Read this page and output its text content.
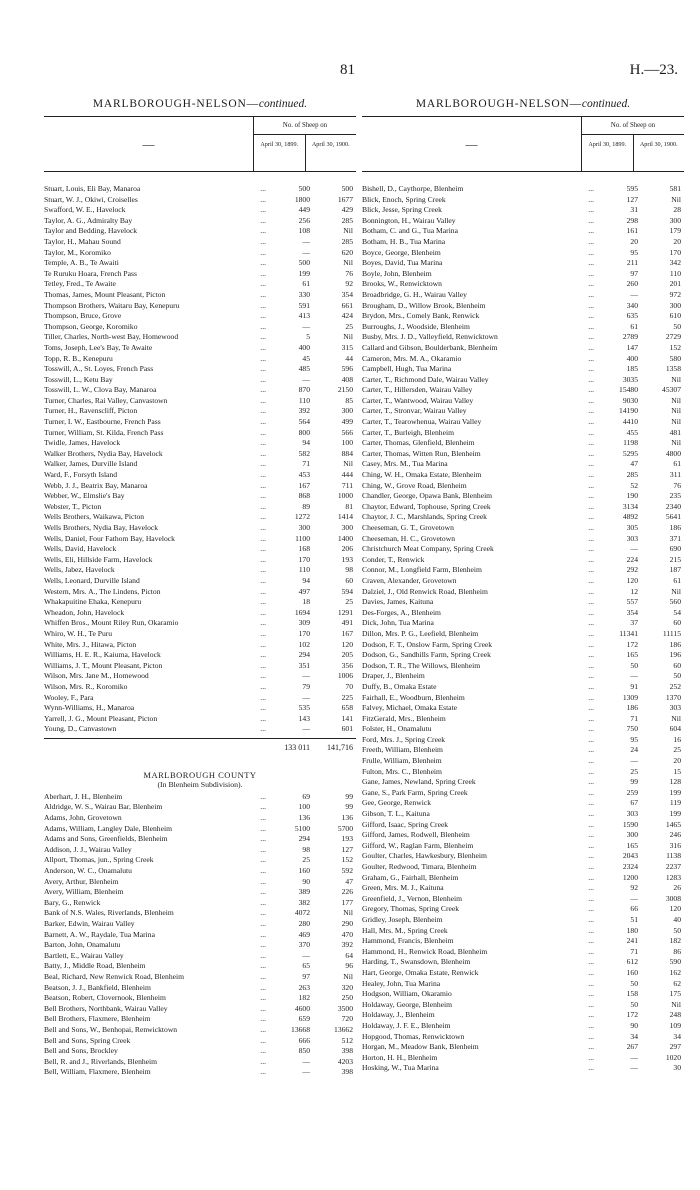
81	H.—23.
MARLBOROUGH-NELSON—continued.
—
No. of Sheep on
April 30, 1899.	April 30, 1900.
Stuart, Louis, Eli Bay, Manaroa	...	500	500
Stuart, W. J., Okiwi, Croiselles	...	1800	1677
Swafford, W. E., Havelock	...	449	429
Taylor, A. G., Admiralty Bay	...	256	285
Taylor and Bedding, Havelock	...	108	Nil
Taylor, H., Mahau Sound	...	—	285
Taylor, M., Koromiko	...	—	620
Temple, A. B., Te Awaiti	...	500	Nil
Te Ruruku Hoara, French Pass	...	199	76
Tetley, Fred., Te Awaite	...	61	92
Thomas, James, Mount Pleasant, Picton	...	330	354
Thompson Brothers, Waitaru Bay, Kenepuru	...	591	661
Thompson, Bruce, Grove	...	413	424
Thompson, George, Koromiko	...	—	25
Tiller, Charles, North-west Bay, Homewood	...	5	Nil
Toms, Joseph, Lee's Bay, Te Awaite	...	400	315
Topp, R. B., Kenepuru	...	45	44
Tosswill, A., St. Loyes, French Pass	...	485	596
Tosswill, L., Ketu Bay	...	—	408
Tosswill, L. W., Clova Bay, Manaroa	...	870	2150
Turner, Charles, Rai Valley, Canvastown	...	110	85
Turner, H., Ravenscliff, Picton	...	392	300
Turner, I. W., Eastbourne, French Pass	...	564	499
Turner, William, St. Kilda, French Pass	...	800	566
Twidle, James, Havelock	...	94	100
Walker Brothers, Nydia Bay, Havelock	...	582	884
Walker, James, Durville Island	...	71	Nil
Ward, F., Forsyth Island	...	453	444
Webb, J. J., Beatrix Bay, Manaroa	...	167	711
Webber, W., Elmslie's Bay	...	868	1000
Webster, T., Picton	...	89	81
Wells Brothers, Waikawa, Picton	...	1272	1414
Wells Brothers, Nydia Bay, Havelock	...	300	300
Wells, Daniel, Four Fathom Bay, Havelock	...	1100	1400
Wells, David, Havelock	...	168	206
Wells, Eli, Hillside Farm, Havelock	...	170	193
Wells, Jabez, Havelock	...	110	98
Wells, Leonard, Durville Island	...	94	60
Western, Mrs. A., The Lindens, Picton	...	497	594
Whakapuitine Ehaka, Kenepuru	...	18	25
Wheadon, John, Havelock	...	1694	1291
Whiffen Bros., Mount Riley Run, Okaramio	...	309	491
Whiro, W. H., Te Puru	...	170	167
White, Mrs. J., Hitawa, Picton	...	102	120
Williams, H. E. R., Kaiuma, Havelock	...	294	205
Williams, J. T., Mount Pleasant, Picton	...	351	356
Wilson, Mrs. Jane M., Homewood	...	—	1006
Wilson, Mrs. R., Koromiko	...	79	70
Wooley, F., Para	...	—	225
Wynn-Williams, H., Manaroa	...	535	658
Yarrell, J. G., Mount Pleasant, Picton	...	143	141
Young, D., Canvastown	...	—	601
133 011	141,716
MARLBOROUGH COUNTY
(In Blenheim Subdivision).
Aberhart, J. H., Blenheim	...	69	99
Aldridge, W. S., Wairau Bar, Blenheim	...	100	99
Adams, John, Grovetown	...	136	136
Adams, William, Langley Dale, Blenheim	...	5100	5700
Adams and Sons, Greenfields, Blenheim	...	294	193
Addison, J. J., Wairau Valley	...	98	127
Allport, Thomas, jun., Spring Creek	...	25	152
Anderson, W. C., Onamalutu	...	160	592
Avery, Arthur, Blenheim	...	90	47
Avery, William, Blenheim	...	389	226
Bary, G., Renwick	...	382	177
Bank of N.S. Wales, Riverlands, Blenheim	...	4072	Nil
Barker, Edwin, Wairau Valley	...	280	290
Barnett, A. W., Raydale, Tua Marina	...	469	470
Barton, John, Onamalutu	...	370	392
Bartlett, E., Wairau Valley	...	—	64
Batty, J., Middle Road, Blenheim	...	65	96
Beal, Richard, New Renwick Road, Blenheim	...	97	Nil
Beatson, J. J., Bankfield, Blenheim	...	263	320
Beatson, Robert, Clovernook, Blenheim	...	182	250
Bell Brothers, Northbank, Wairau Valley	...	4600	3500
Bell Brothers, Flaxmere, Blenheim	...	659	720
Bell and Sons, W., Benhopai, Renwicktown	...	13668	13662
Bell and Sons, Spring Creek	...	666	512
Bell and Sons, Brockley	...	850	398
Bell, R. and J., Riverlands, Blenheim	...	—	4203
Bell, William, Flaxmere, Blenheim	...	—	398
MARLBOROUGH-NELSON—continued.
—
No. of Sheep on
April 30, 1899.	April 30, 1900.
Bishell, D., Caythorpe, Blenheim	...	595	581
Blick, Enoch, Spring Creek	...	127	Nil
Blick, Jesse, Spring Creek	...	31	28
Bonnington, H., Wairau Valley	...	298	300
Botham, C. and G., Tua Marina	...	161	179
Botham, H. B., Tua Marina	...	20	20
Boyce, George, Blenheim	...	95	170
Boyes, David, Tua Marina	...	211	342
Boyle, John, Blenheim	...	97	110
Brooks, W., Renwicktown	...	260	201
Broadbridge, G. H., Wairau Valley	...	—	972
Brougham, D., Willow Brook, Blenheim	...	340	300
Brydon, Mrs., Comely Bank, Renwick	...	635	610
Burroughs, J., Woodside, Blenheim	...	61	50
Busby, Mrs. J. D., Valleyfield, Renwicktown	...	2789	2729
Callard and Gibson, Boulderbank, Blenheim	...	147	152
Cameron, Mrs. M. A., Okaramio	...	400	580
Campbell, Hugh, Tua Marina	...	185	1358
Carter, T., Richmond Dale, Wairau Valley	...	3035	Nil
Carter, T., Hillersden, Wairau Valley	...	15480	45307
Carter, T., Wantwood, Wairau Valley	...	9030	Nil
Carter, T., Stronvar, Wairau Valley	...	14190	Nil
Carter, T., Tearowhenua, Wairau Valley	...	4410	Nil
Carter, T., Burleigh, Blenheim	...	455	481
Carter, Thomas, Glenfield, Blenheim	...	1198	Nil
Carter, Thomas, Witten Run, Blenheim	...	5295	4800
Casey, Mrs. M., Tua Marina	...	47	61
Ching, W. H., Omaka Estate, Blenheim	...	285	311
Ching, W., Grove Road, Blenheim	...	52	76
Chandler, George, Opawa Bank, Blenheim	...	190	235
Chaytor, Edward, Tophouse, Spring Creek	...	3134	2340
Chaytor, J. C., Marshlands, Spring Creek	...	4892	5641
Cheeseman, G. T., Grovetown	...	305	186
Cheeseman, H. C., Grovetown	...	303	371
Christchurch Meat Company, Spring Creek	...	—	690
Conder, T., Renwick	...	224	215
Connor, M., Longfield Farm, Blenheim	...	292	187
Craven, Alexander, Grovetown	...	120	61
Dalziel, J., Old Renwick Road, Blenheim	...	12	Nil
Davies, James, Kaituna	...	557	560
Des-Forges, A., Blenheim	...	354	54
Dick, John, Tua Marina	...	37	60
Dillon, Mrs. P. G., Leefield, Blenheim	...	11341	11115
Dodson, F. T., Onslow Farm, Spring Creek	...	172	186
Dodson, G., Sandhills Farm, Spring Creek	...	165	196
Dodson, T. R., The Willows, Blenheim	...	50	60
Draper, J., Blenheim	...	—	50
Duffy, B., Omaka Estate	...	91	252
Fairhall, E., Woodburn, Blenheim	...	1309	1370
Falvey, Michael, Omaka Estate	...	186	303
FitzGerald, Mrs., Blenheim	...	71	Nil
Folster, H., Onamalutu	...	750	604
Ford, Mrs. J., Spring Creek	...	95	16
Freeth, William, Blenheim	...	24	25
Frulle, William, Blenheim	...	—	20
Fulton, Mrs. C., Blenheim	...	25	15
Gane, James, Newland, Spring Creek	...	99	128
Gane, S., Park Farm, Spring Creek	...	259	199
Gee, George, Renwick	...	67	119
Gibson, T. L., Kaituna	...	303	199
Gifford, Isaac, Spring Creek	...	1590	1465
Gifford, James, Rodwell, Blenheim	...	300	246
Gifford, W., Raglan Farm, Blenheim	...	165	316
Goulter, Charles, Hawkesbury, Blenheim	...	2043	1138
Goulter, Redwood, Timara, Blenheim	...	2324	2237
Graham, G., Fairhall, Blenheim	...	1200	1283
Green, Mrs. M. J., Kaituna	...	92	26
Greenfield, J., Vernon, Blenheim	...	—	3008
Gregory, Thomas, Spring Creek	...	66	120
Gridley, Joseph, Blenheim	...	51	40
Hall, Mrs. M., Spring Creek	...	180	50
Hammond, Francis, Blenheim	...	241	182
Hammond, H., Renwick Road, Blenheim	...	71	86
Harding, T., Swansdown, Blenheim	...	612	590
Hart, George, Omaka Estate, Renwick	...	160	162
Healey, John, Tua Marina	...	50	62
Hodgson, William, Okaramio	...	158	175
Holdaway, George, Blenheim	...	50	Nil
Holdaway, J., Blenheim	...	172	248
Holdaway, J. F. E., Blenheim	...	90	109
Hopgood, Thomas, Renwicktown	...	34	34
Horgan, M., Meadow Bank, Blenheim	...	267	297
Horton, H. H., Blenheim	...	—	1020
Hosking, W., Tua Marina	...	—	30
